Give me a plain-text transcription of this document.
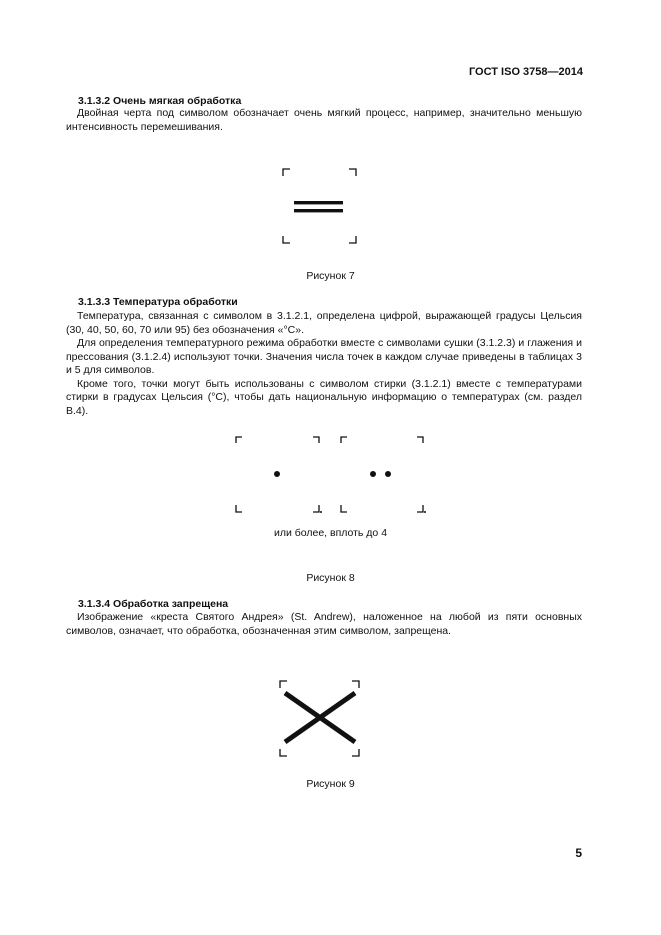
ГОСТ ISO 3758—2014
3.1.3.2 Очень мягкая обработка

Двойная черта под символом обозначает очень мягкий процесс, например, значительно меньшую интенсивность перемешивания.

Рисунок 7
3.1.3.3 Температура обработки

Температура, связанная с символом в 3.1.2.1, определена цифрой, выражающей градусы Цельсия (30, 40, 50, 60, 70 или 95) без обозначения «°С».

Для определения температурного режима обработки вместе с символами сушки (3.1.2.3) и глажения и прессования (3.1.2.4) используют точки. Значения числа точек в каждом случае приведены в таблицах 3 и 5 для символов.

Кроме того, точки могут быть использованы с символом стирки (3.1.2.1) вместе с температурами стирки в градусах Цельсия (°С), чтобы дать национальную информацию о температурах (см. раздел В.4).

или более, вплоть до 4
Рисунок 8
3.1.3.4 Обработка запрещена

Изображение «креста Святого Андрея» (St. Andrew), наложенное на любой из пяти основных символов, означает, что обработка, обозначенная этим символом, запрещена.

Рисунок 9
5
